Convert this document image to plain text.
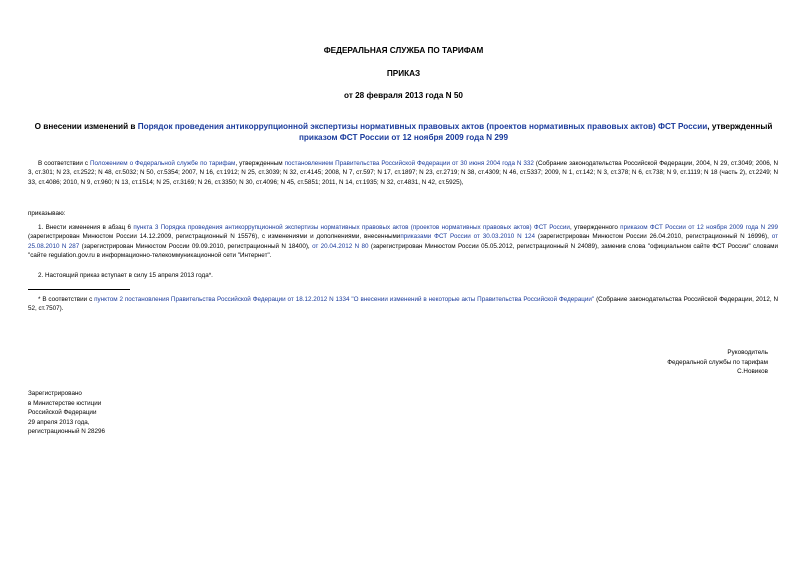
ФЕДЕРАЛЬНАЯ СЛУЖБА ПО ТАРИФАМ
ПРИКАЗ
от 28 февраля 2013 года N 50
О внесении изменений в Порядок проведения антикоррупционной экспертизы нормативных правовых актов (проектов нормативных правовых актов) ФСТ России, утвержденный приказом ФСТ России от 12 ноября 2009 года N 299
В соответствии с Положением о Федеральной службе по тарифам, утвержденным постановлением Правительства Российской Федерации от 30 июня 2004 года N 332 (Собрание законодательства Российской Федерации, 2004, N 29, ст.3049; 2006, N 3, ст.301; N 23, ст.2522; N 48, ст.5032; N 50, ст.5354; 2007, N 16, ст.1912; N 25, ст.3039; N 32, ст.4145; 2008, N 7, ст.597; N 17, ст.1897; N 23, ст.2719; N 38, ст.4309; N 46, ст.5337; 2009, N 1, ст.142; N 3, ст.378; N 6, ст.738; N 9, ст.1119; N 18 (часть 2), ст.2249; N 33, ст.4086; 2010, N 9, ст.960; N 13, ст.1514; N 25, ст.3169; N 26, ст.3350; N 30, ст.4096; N 45, ст.5851; 2011, N 14, ст.1935; N 32, ст.4831, N 42, ст.5925),
приказываю:
1. Внести изменения в абзац 6 пункта 3 Порядка проведения антикоррупционной экспертизы нормативных правовых актов (проектов нормативных правовых актов) ФСТ России, утвержденного приказом ФСТ России от 12 ноября 2009 года N 299 (зарегистрирован Минюстом России 14.12.2009, регистрационный N 15576), с изменениями и дополнениями, внесеннымиприказами ФСТ России от 30.03.2010 N 124 (зарегистрирован Минюстом России 26.04.2010, регистрационный N 16996), от 25.08.2010 N 287 (зарегистрирован Минюстом России 09.09.2010, регистрационный N 18400), от 20.04.2012 N 80 (зарегистрирован Минюстом России 05.05.2012, регистрационный N 24089), заменив слова "официальном сайте ФСТ России" словами "сайте regulation.gov.ru в информационно-телекоммуникационной сети "Интернет".
2. Настоящий приказ вступает в силу 15 апреля 2013 года*.
* В соответствии с пунктом 2 постановления Правительства Российской Федерации от 18.12.2012 N 1334 "О внесении изменений в некоторые акты Правительства Российской Федерации" (Собрание законодательства Российской Федерации, 2012, N 52, ст.7507).
Руководитель
Федеральной службы по тарифам
С.Новиков
Зарегистрировано
в Министерстве юстиции
Российской Федерации
29 апреля 2013 года,
регистрационный N 28296
